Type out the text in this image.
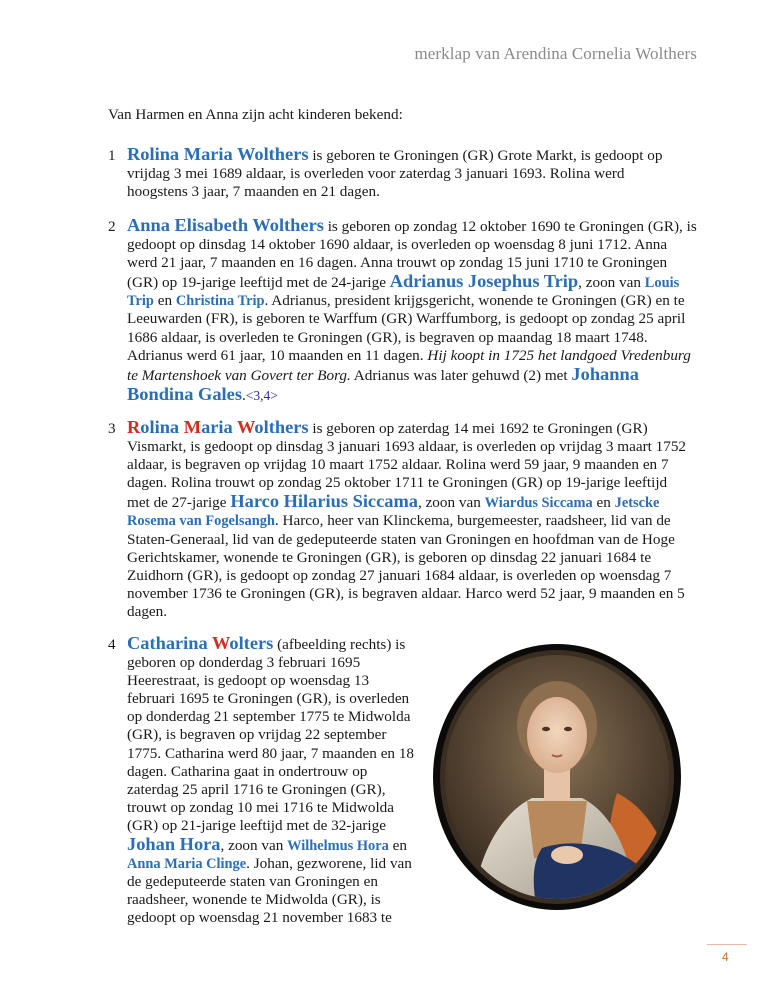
merklap van Arendina Cornelia Wolthers
Van Harmen en Anna zijn acht kinderen bekend:
1 Rolina Maria Wolthers is geboren te Groningen (GR) Grote Markt, is gedoopt op vrijdag 3 mei 1689 aldaar, is overleden voor zaterdag 3 januari 1693. Rolina werd hoogstens 3 jaar, 7 maanden en 21 dagen.
2 Anna Elisabeth Wolthers is geboren op zondag 12 oktober 1690 te Groningen (GR), is gedoopt op dinsdag 14 oktober 1690 aldaar, is overleden op woensdag 8 juni 1712. Anna werd 21 jaar, 7 maanden en 16 dagen. Anna trouwt op zondag 15 juni 1710 te Groningen (GR) op 19-jarige leeftijd met de 24-jarige Adrianus Josephus Trip, zoon van Louis Trip en Christina Trip. Adrianus, president krijgsgericht, wonende te Groningen (GR) en te Leeuwarden (FR), is geboren te Warffum (GR) Warffumborg, is gedoopt op zondag 25 april 1686 aldaar, is overleden te Groningen (GR), is begraven op maandag 18 maart 1748. Adrianus werd 61 jaar, 10 maanden en 11 dagen. Hij koopt in 1725 het landgoed Vredenburg te Martenshoek van Govert ter Borg. Adrianus was later gehuwd (2) met Johanna Bondina Gales.<3,4>
3 Rolina Maria Wolthers is geboren op zaterdag 14 mei 1692 te Groningen (GR) Vismarkt, is gedoopt op dinsdag 3 januari 1693 aldaar, is overleden op vrijdag 3 maart 1752 aldaar, is begraven op vrijdag 10 maart 1752 aldaar. Rolina werd 59 jaar, 9 maanden en 7 dagen. Rolina trouwt op zondag 25 oktober 1711 te Groningen (GR) op 19-jarige leeftijd met de 27-jarige Harco Hilarius Siccama, zoon van Wiardus Siccama en Jetscke Rosema van Fogelsangh. Harco, heer van Klinckema, burgemeester, raadsheer, lid van de Staten-Generaal, lid van de gedeputeerde staten van Groningen en hoofdman van de Hoge Gerichtskamer, wonende te Groningen (GR), is geboren op dinsdag 22 januari 1684 te Zuidhorn (GR), is gedoopt op zondag 27 januari 1684 aldaar, is overleden op woensdag 7 november 1736 te Groningen (GR), is begraven aldaar. Harco werd 52 jaar, 9 maanden en 5 dagen.
4 Catharina Wolters (afbeelding rechts) is geboren op donderdag 3 februari 1695 Heerestraat, is gedoopt op woensdag 13 februari 1695 te Groningen (GR), is overleden op donderdag 21 september 1775 te Midwolda (GR), is begraven op vrijdag 22 september 1775. Catharina werd 80 jaar, 7 maanden en 18 dagen. Catharina gaat in ondertrouw op zaterdag 25 april 1716 te Groningen (GR), trouwt op zondag 10 mei 1716 te Midwolda (GR) op 21-jarige leeftijd met de 32-jarige Johan Hora, zoon van Wilhelmus Hora en Anna Maria Clinge. Johan, gezworene, lid van de gedeputeerde staten van Groningen en raadsheer, wonende te Midwolda (GR), is gedoopt op woensdag 21 november 1683 te
4
